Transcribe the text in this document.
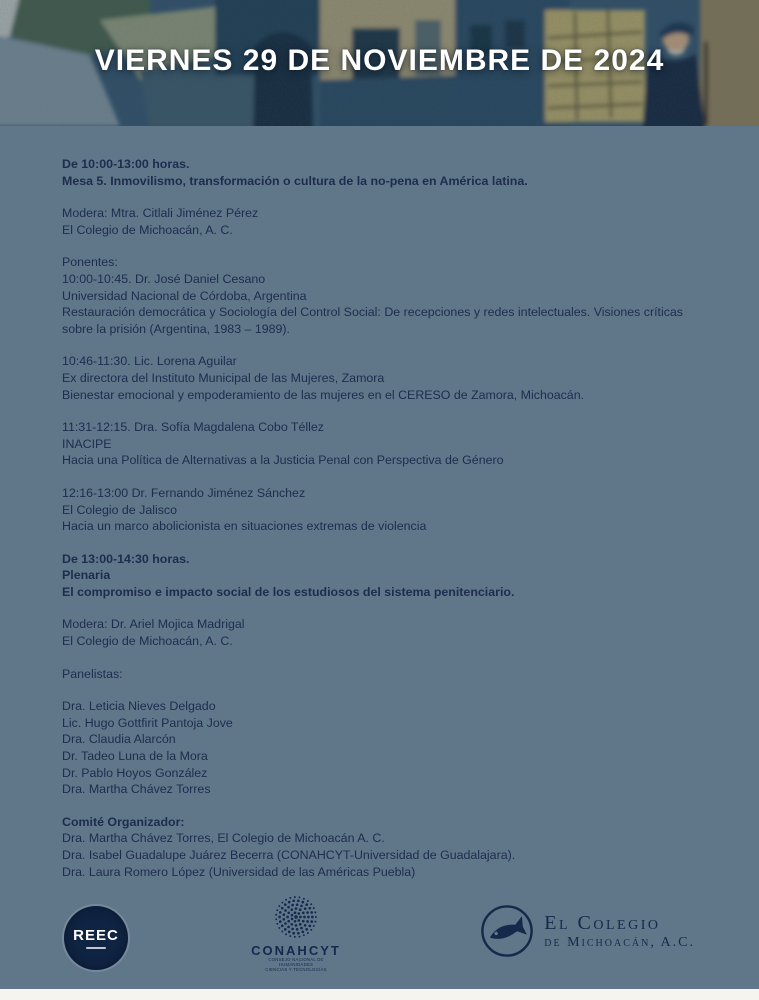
VIERNES 29 DE NOVIEMBRE DE 2024

De 10:00-13:00 horas.

Mesa 5. Inmovilismo, transformación o cultura de la no-pena en América latina.

Modera: Mtra. Citlali Jiménez Pérez

El Colegio de Michoacán, A. C.

Ponentes:

10:00-10:45. Dr. José Daniel Cesano

Universidad Nacional de Córdoba, Argentina

Restauración democrática y Sociología del Control Social: De recepciones y redes intelectuales. Visiones críticas sobre la prisión (Argentina, 1983 – 1989).

10:46-11:30. Lic. Lorena Aguilar

Ex directora del Instituto Municipal de las Mujeres, Zamora

Bienestar emocional y empoderamiento de las mujeres en el CERESO de Zamora, Michoacán.

11:31-12:15. Dra. Sofía Magdalena Cobo Téllez

INACIPE

Hacia una Política de Alternativas a la Justicia Penal con Perspectiva de Género

12:16-13:00 Dr. Fernando Jiménez Sánchez

El Colegio de Jalisco

Hacia un marco abolicionista en situaciones extremas de violencia

De 13:00-14:30 horas.

Plenaria

El compromiso e impacto social de los estudiosos del sistema penitenciario.

Modera: Dr. Ariel Mojica Madrigal

El Colegio de Michoacán, A. C.

Panelistas:

Dra. Leticia Nieves Delgado

Lic. Hugo Gottfirit Pantoja Jove

Dra. Claudia Alarcón

Dr. Tadeo Luna de la Mora

Dr. Pablo Hoyos González

Dra. Martha Chávez Torres

Comité Organizador:

Dra. Martha Chávez Torres, El Colegio de Michoacán A. C.

Dra. Isabel Guadalupe Juárez Becerra (CONAHCYT-Universidad de Guadalajara).

Dra. Laura Romero López (Universidad de las Américas Puebla)

REEC
CONAHCYT
CONSEJO NACIONAL DE HUMANIDADES
CIENCIAS Y TECNOLOGÍAS
El Colegio
de Michoacán, A.C.
